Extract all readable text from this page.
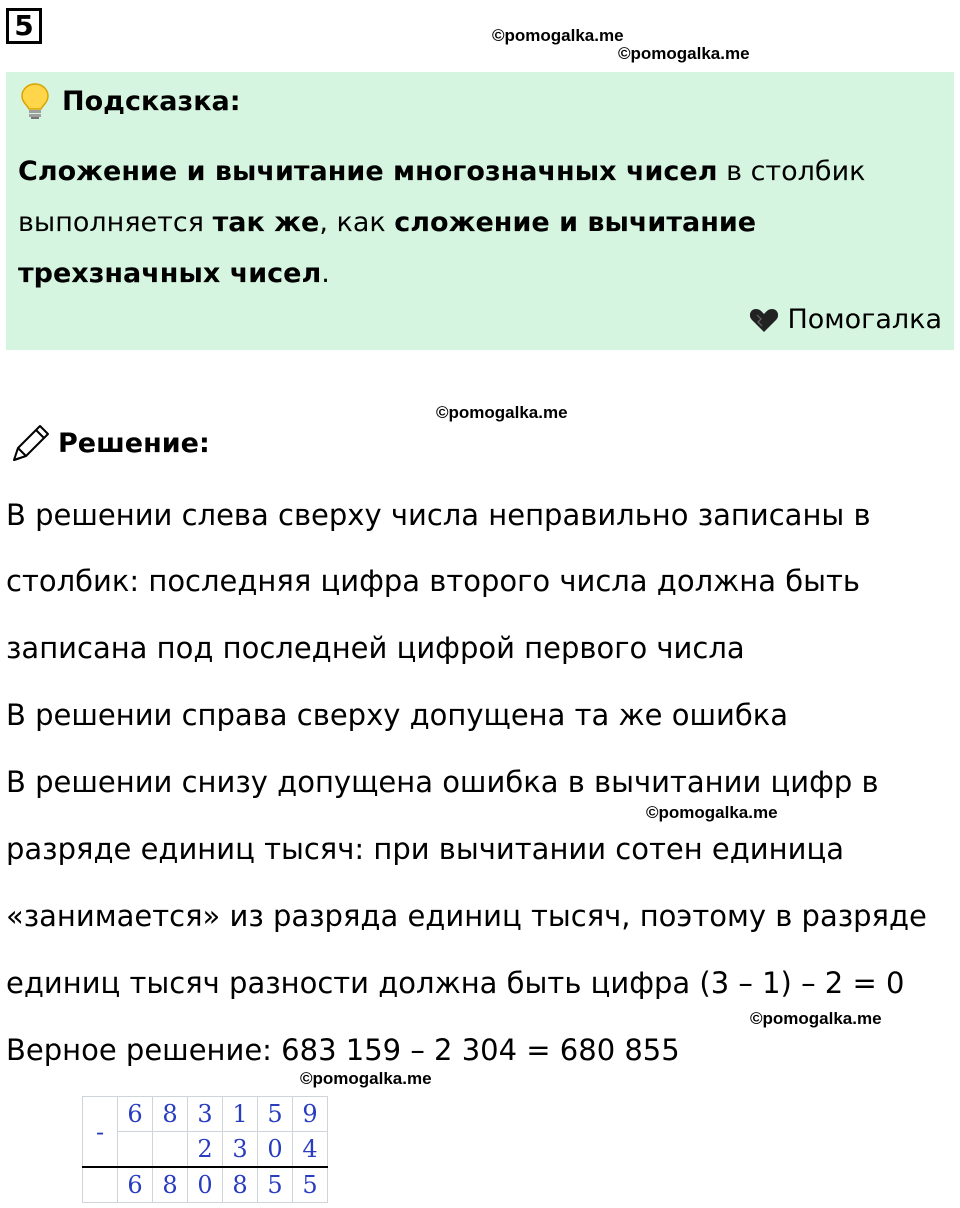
5	©pomogalka.me
©pomogalka.me
Подсказка:
Сложение и вычитание многозначных чисел в столбик выполняется так же, как сложение и вычитание трехзначных чисел.
Помогалка
©pomogalka.me
Решение:
В решении слева сверху числа неправильно записаны в
столбик: последняя цифра второго числа должна быть
записана под последней цифрой первого числа
В решении справа сверху допущена та же ошибка
В решении снизу допущена ошибка в вычитании цифр в
©pomogalka.me
разряде единиц тысяч: при вычитании сотен единица
«занимается» из разряда единиц тысяч, поэтому в разряде
единиц тысяч разности должна быть цифра (3 – 1) – 2 = 0
©pomogalka.me
Верное решение: 683 159 – 2 304 = 680 855
©pomogalka.me
-	6	8	3	1	5	9
			2	3	0	4
	6	8	0	8	5	5
